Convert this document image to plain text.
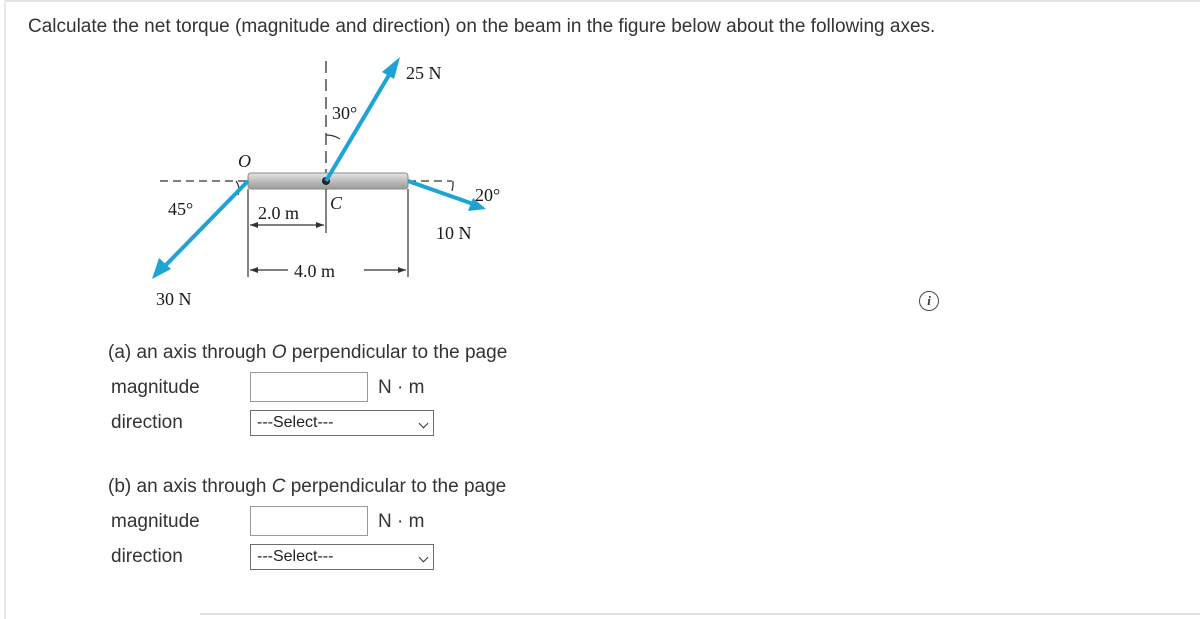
Calculate the net torque (magnitude and direction) on the beam in the figure below about the following axes.
25 N
30°
O
45°	2.0 m C	20°
10 N
4.0 m
30 N	i
(a) an axis through O perpendicular to the page
magnitude	N · m
direction	---Select---
(b) an axis through C perpendicular to the page
magnitude	N · m
direction	---Select---
